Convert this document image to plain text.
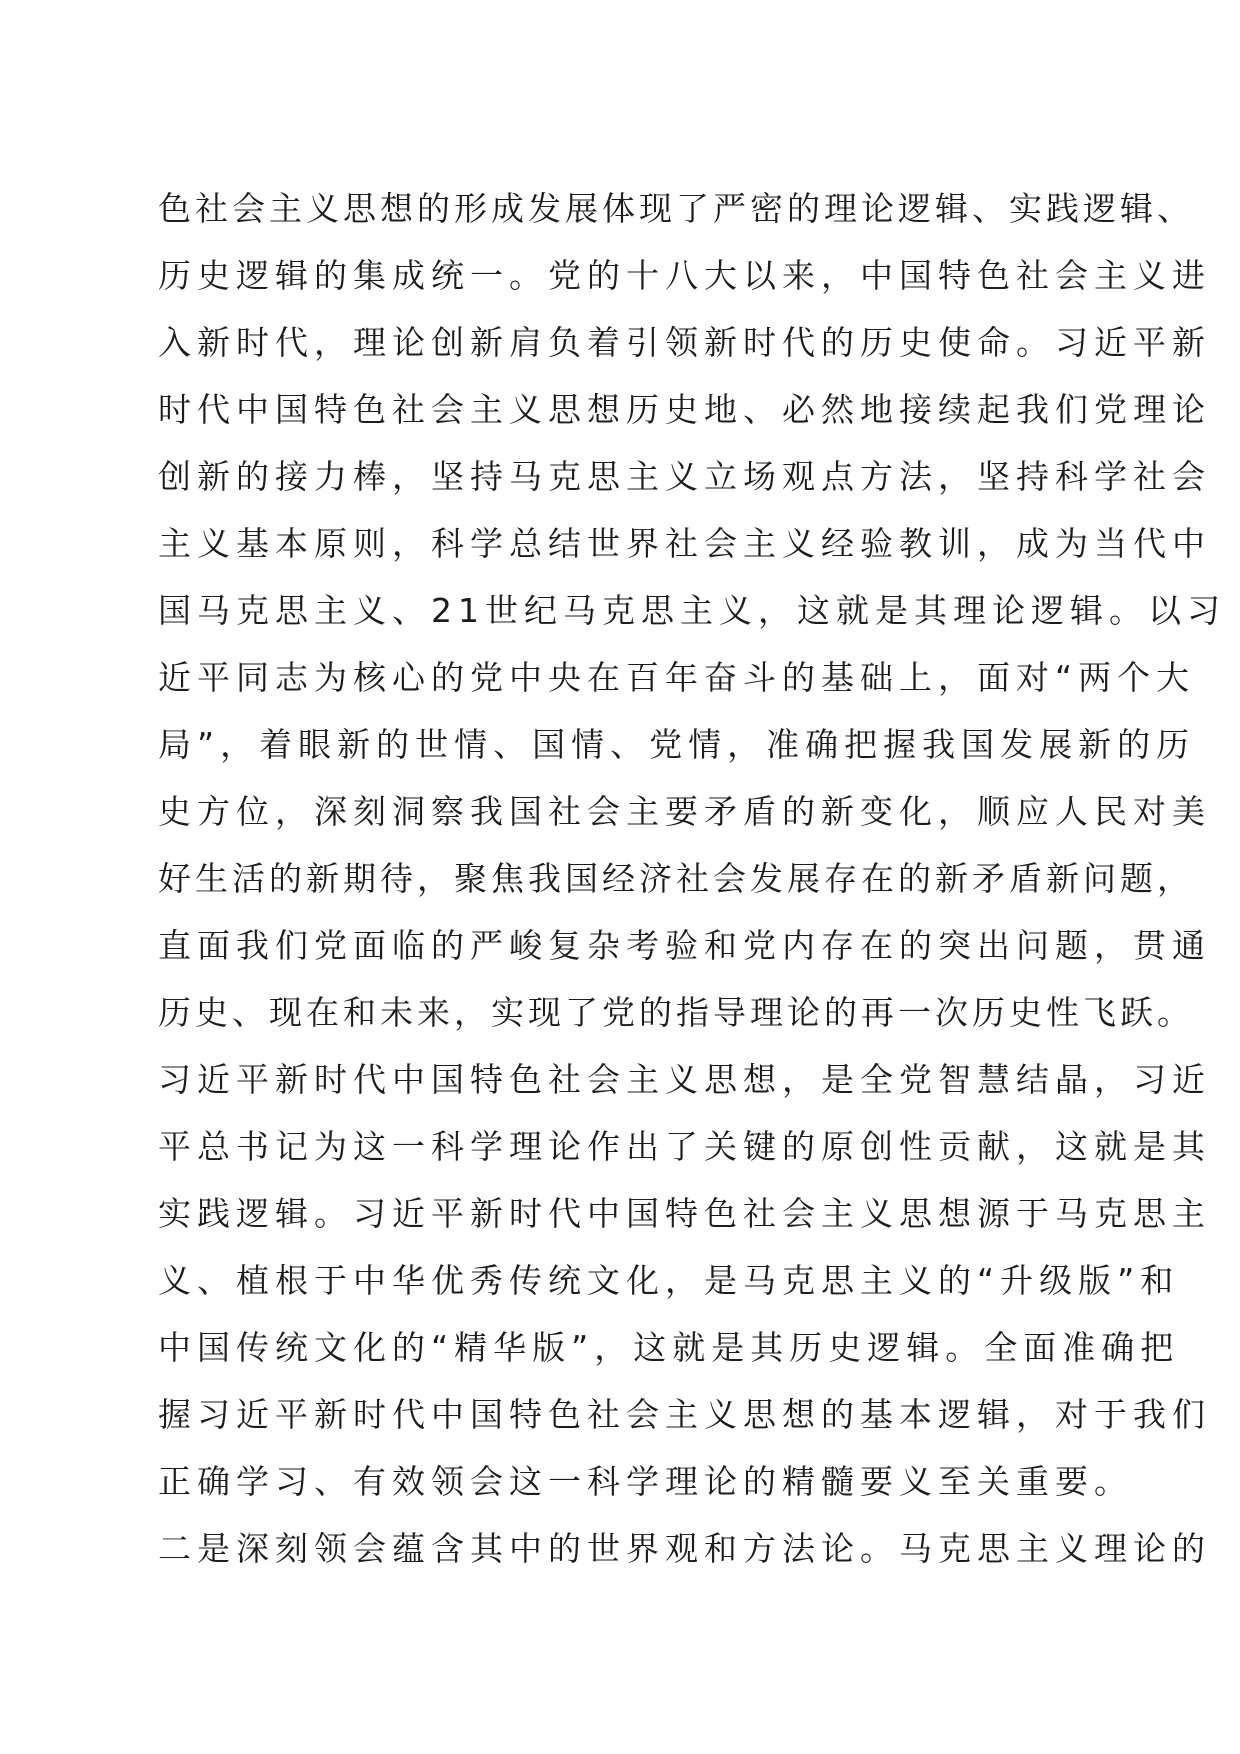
色社会主义思想的形成发展体现了严密的理论逻辑、实践逻辑、
历史逻辑的集成统一。党的十八大以来，中国特色社会主义进
入新时代，理论创新肩负着引领新时代的历史使命。习近平新
时代中国特色社会主义思想历史地、必然地接续起我们党理论
创新的接力棒，坚持马克思主义立场观点方法，坚持科学社会
主义基本原则，科学总结世界社会主义经验教训，成为当代中
国马克思主义、21世纪马克思主义，这就是其理论逻辑。以习
近平同志为核心的党中央在百年奋斗的基础上，面对“两个大
局”，着眼新的世情、国情、党情，准确把握我国发展新的历
史方位，深刻洞察我国社会主要矛盾的新变化，顺应人民对美
好生活的新期待，聚焦我国经济社会发展存在的新矛盾新问题，
直面我们党面临的严峻复杂考验和党内存在的突出问题，贯通
历史、现在和未来，实现了党的指导理论的再一次历史性飞跃。
习近平新时代中国特色社会主义思想，是全党智慧结晶，习近
平总书记为这一科学理论作出了关键的原创性贡献，这就是其
实践逻辑。习近平新时代中国特色社会主义思想源于马克思主
义、植根于中华优秀传统文化，是马克思主义的“升级版”和
中国传统文化的“精华版”，这就是其历史逻辑。全面准确把
握习近平新时代中国特色社会主义思想的基本逻辑，对于我们
正确学习、有效领会这一科学理论的精髓要义至关重要。
二是深刻领会蕴含其中的世界观和方法论。马克思主义理论的
